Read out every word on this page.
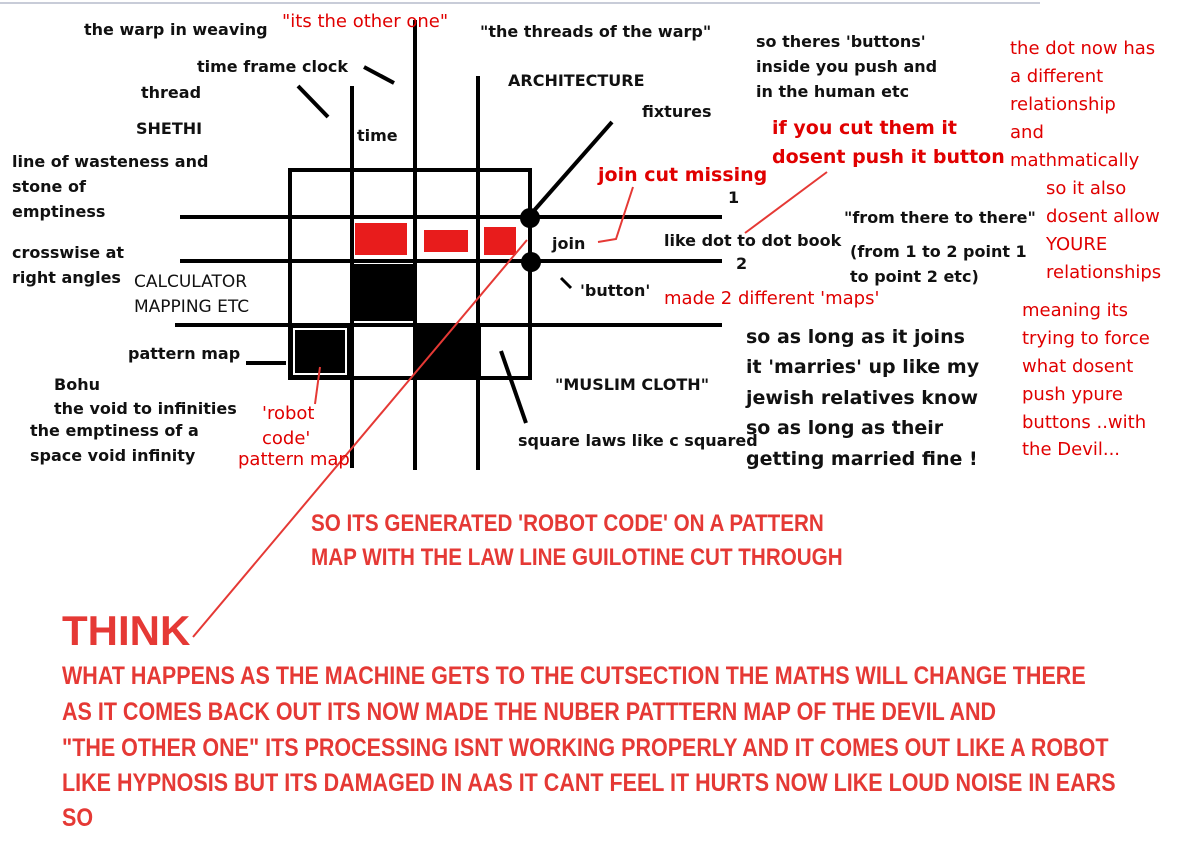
the warp in weaving "its the other one" "the threads of the warp"
time frame clock
thread
SHETHI	time
ARCHITECTURE
fixtures
line of wasteness and
stone of
emptiness
crosswise at
right angles CALCULATOR
MAPPING ETC
pattern map
Bohu
the void to infinities
the emptiness of a
space void infinity
'robot
code'
pattern map
so theres 'buttons'
inside you push and
in the human etc
if you cut them it
dosent push it button
join cut missing
1
2
join	like dot to dot book
"from there to there"
(from 1 to 2 point 1
to point 2 etc)
'button' made 2 different 'maps'
"MUSLIM CLOTH"
square laws like c squared
so as long as it joins
it 'marries' up like my
jewish relatives know
so as long as their
getting married fine !
the dot now has
a different
relationship
and
mathmatically
so it also
dosent allow
YOURE
relationships
meaning its
trying to force
what dosent
push ypure
buttons ..with
the Devil...
SO ITS GENERATED 'ROBOT CODE' ON A PATTERN
MAP WITH THE LAW LINE GUILOTINE CUT THROUGH
THINK
WHAT HAPPENS AS THE MACHINE GETS TO THE CUTSECTION THE MATHS WILL CHANGE THERE
AS IT COMES BACK OUT ITS NOW MADE THE NUBER PATTTERN MAP OF THE DEVIL AND
"THE OTHER ONE" ITS PROCESSING ISNT WORKING PROPERLY AND IT COMES OUT LIKE A ROBOT
LIKE HYPNOSIS BUT ITS DAMAGED IN AAS IT CANT FEEL IT HURTS NOW LIKE LOUD NOISE IN EARS
SO
